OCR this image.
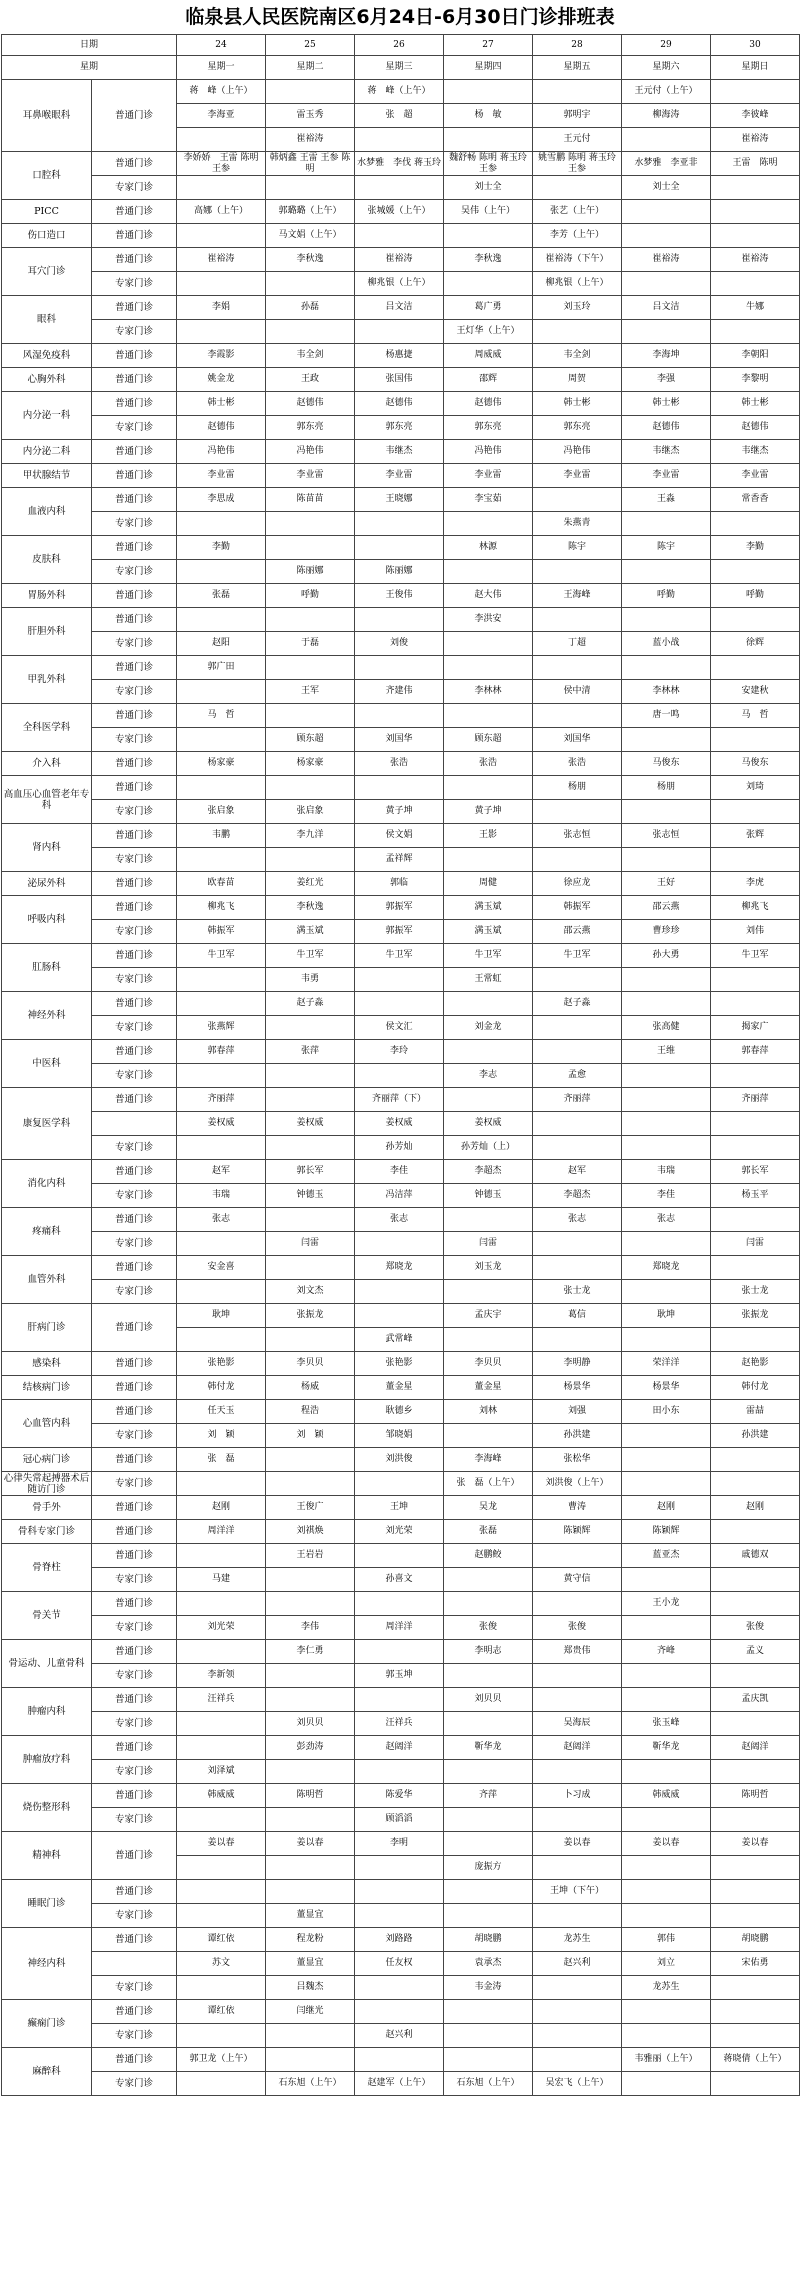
临泉县人民医院南区6月24日-6月30日门诊排班表
日期		24	25	26	27	28	29	30
星期		星期一	星期二	星期三	星期四	星期五	星期六	星期日
耳鼻喉眼科	普通门诊	蒋　峰（上午）		蒋　峰（上午）			王元付（上午）	
		李海亚	雷玉秀	张　超	杨　敏	郭明宇	柳海涛	李彼峰
			崔裕涛			王元付		崔裕涛
口腔科	普通门诊	李娇娇　王雷 陈明 王参	韩炳鑫 王雷 王参 陈明	水梦雅　李伐 蒋玉玲	魏舒畅 陈明 蒋玉玲 王参	姚雪鹏 陈明 蒋玉玲 王参	水梦雅　李亚非	王雷　陈明
	专家门诊				刘士全		刘士全	
PICC	普通门诊	高娜（上午）	郭璐璐（上午）	张城媛（上午）	吴伟（上午）	张艺（上午）		
伤口造口	普通门诊		马文娟（上午）			李芳（上午）		
耳穴门诊	普通门诊	崔裕涛	李秋逸	崔裕涛	李秋逸	崔裕涛（下午）	崔裕涛	崔裕涛
	专家门诊			柳兆银（上午）		柳兆银（上午）		
眼科	普通门诊	李娟	孙磊	吕文洁	葛广勇	刘玉玲	吕文洁	牛娜
	专家门诊				王灯华（上午）			
风湿免疫科	普通门诊	李霞影	韦全剑	杨惠捷	周威威	韦全剑	李海坤	李朝阳
心胸外科	普通门诊	姚金龙	王政	张国伟	邵辉	周贺	李强	李黎明
内分泌一科	普通门诊	韩士彬	赵德伟	赵德伟	赵德伟	韩士彬	韩士彬	韩士彬
	专家门诊	赵德伟	郭东亮	郭东亮	郭东亮	郭东亮	赵德伟	赵德伟
内分泌二科	普通门诊	冯艳伟	冯艳伟	韦继杰	冯艳伟	冯艳伟	韦继杰	韦继杰
甲状腺结节	普通门诊	李业雷	李业雷	李业雷	李业雷	李业雷	李业雷	李业雷
血液内科	普通门诊	李思成	陈苗苗	王晓娜	李宝茹		王淼	常香香
	专家门诊					朱燕青		
皮肤科	普通门诊	李勤			林源	陈宇	陈宇	李勤
	专家门诊		陈丽娜	陈丽娜				
胃肠外科	普通门诊	张磊	呼勤	王俊伟	赵大伟	王海峰	呼勤	呼勤
肝胆外科	普通门诊				李洪安			
	专家门诊	赵阳	于磊	刘俊		丁超	蓝小战	徐辉
甲乳外科	普通门诊	郭广田						
	专家门诊		王军	齐建伟	李林林	侯中清	李林林	安建秋
全科医学科	普通门诊	马　哲					唐一鸣	马　哲
	专家门诊		顾东超	刘国华	顾东超	刘国华		
介入科	普通门诊	杨家豪	杨家豪	张浩	张浩	张浩	马俊东	马俊东
高血压心血管老年专科	普通门诊					杨朋	杨朋	刘琦
	专家门诊	张启象	张启象	黄子坤	黄子坤			
肾内科	普通门诊	韦鹏	李九洋	侯文娟	王影	张志恒	张志恒	张辉
	专家门诊			孟祥辉				
泌尿外科	普通门诊	欧春苗	姜红光	郭临	周健	徐应龙	王好	李虎
呼吸内科	普通门诊	柳兆飞	李秋逸	郭振军	满玉斌	韩振军	邵云燕	柳兆飞
	专家门诊	韩振军	满玉斌	郭振军	满玉斌	邵云燕	曹珍珍	刘伟
肛肠科	普通门诊	牛卫军	牛卫军	牛卫军	牛卫军	牛卫军	孙大勇	牛卫军
	专家门诊		韦勇		王常虹			
神经外科	普通门诊		赵子淼			赵子淼		
	专家门诊	张燕辉		侯文汇	刘金龙		张高健	揭家广
中医科	普通门诊	郭春萍	张萍	李玲			王维	郭春萍
	专家门诊				李志	孟愈		
康复医学科	普通门诊	齐丽萍		齐丽萍（下）		齐丽萍		齐丽萍
		姜权威	姜权威	姜权威	姜权威			
	专家门诊			孙芳灿	孙芳灿（上）			
消化内科	普通门诊	赵军	郭长军	李佳	李超杰	赵军	韦瑞	郭长军
	专家门诊	韦瑞	钟德玉	冯洁萍	钟德玉	李超杰	李佳	杨玉平
疼痛科	普通门诊	张志		张志		张志	张志	
	专家门诊		闫雷		闫雷			闫雷
血管外科	普通门诊	安金喜		郑晓龙	刘玉龙		郑晓龙	
	专家门诊		刘文杰			张士龙		张士龙
肝病门诊	普通门诊	耿坤	张振龙		孟庆宇	葛信	耿坤	张振龙
				武常峰				
感染科	普通门诊	张艳影	李贝贝	张艳影	李贝贝	李明静	荣洋洋	赵艳影
结核病门诊	普通门诊	韩付龙	杨威	董金星	董金星	杨景华	杨景华	韩付龙
心血管内科	普通门诊	任天玉	程浩	耿德乡	刘林	刘强	田小东	雷喆
	专家门诊	刘　颖	刘　颖	邹晓娟		孙洪建		孙洪建
冠心病门诊	普通门诊	张　磊		刘洪俊	李海峰	张松华		
心律失常起搏器术后随访门诊	专家门诊				张　磊（上午）	刘洪俊（上午）		
骨手外	普通门诊	赵刚	王俊广	王坤	吴龙	曹涛	赵刚	赵刚
骨科专家门诊	普通门诊	周洋洋	刘祺焕	刘光荣	张磊	陈颖辉	陈颖辉	
骨脊柱	普通门诊		王岩岩		赵鹏鲛		蓝亚杰	戚德双
	专家门诊	马建		孙喜文		黄守信		
骨关节	普通门诊						王小龙	
	专家门诊	刘光荣	李伟	周洋洋	张俊	张俊		张俊
骨运动、儿童骨科	普通门诊		李仁勇		李明志	郑贵伟	齐峰	孟义
	专家门诊	李新领		郭玉坤				
肿瘤内科	普通门诊	汪祥兵			刘贝贝			孟庆凯
	专家门诊		刘贝贝	汪祥兵		吴海辰	张玉峰	
肿瘤放疗科	普通门诊		彭劲涛	赵阔洋	靳华龙	赵阔洋	靳华龙	赵阔洋
	专家门诊	刘泽斌						
烧伤整形科	普通门诊	韩威威	陈明哲	陈爱华	齐萍	卜习成	韩威威	陈明哲
	专家门诊			顾滔滔				
精神科	普通门诊	姜以春	姜以春	李明		姜以春	姜以春	姜以春
					庞振方			
睡眠门诊	普通门诊					王坤（下午）		
	专家门诊		董显宜					
神经内科	普通门诊	谭红依	程龙粉	刘路路	胡晓鹏	龙苏生	郭伟	胡晓鹏
		苏文	董显宜	任友权	袁承杰	赵兴利	刘立	宋佑勇
	专家门诊		吕魏杰		韦金涛		龙苏生	
癫痫门诊	普通门诊	谭红依	闫继光					
	专家门诊			赵兴利				
麻醉科	普通门诊	郭卫龙（上午）					韦雅丽（上午）	蒋晓倩（上午）
	专家门诊		石东旭（上午）	赵建军（上午）	石东旭（上午）	吴宏飞（上午）		
